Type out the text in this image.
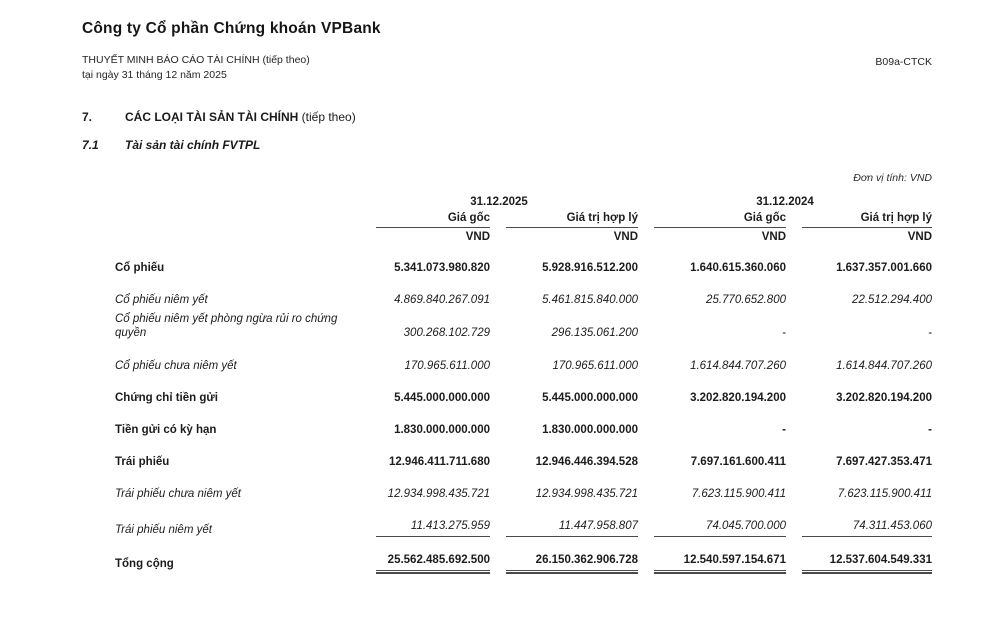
Công ty Cổ phần Chứng khoán VPBank
THUYẾT MINH BÁO CÁO TÀI CHÍNH (tiếp theo)
tại ngày 31 tháng 12 năm 2025
B09a-CTCK
7.	CÁC LOẠI TÀI SẢN TÀI CHÍNH (tiếp theo)
7.1	Tài sản tài chính FVTPL
Đơn vị tính: VND
	31.12.2025		31.12.2024	

	Giá gốc	Giá trị hợp lý	Giá gốc	Giá trị hợp lý

	VND	VND	VND	VND
Cổ phiếu	5.341.073.980.820	5.928.916.512.200	1.640.615.360.060	1.637.357.001.660
Cổ phiếu niêm yết	4.869.840.267.091	5.461.815.840.000	25.770.652.800	22.512.294.400
Cổ phiếu niêm yết phòng ngừa rủi ro chứng quyền	300.268.102.729	296.135.061.200	-	-
Cổ phiếu chưa niêm yết	170.965.611.000	170.965.611.000	1.614.844.707.260	1.614.844.707.260
Chứng chỉ tiền gửi	5.445.000.000.000	5.445.000.000.000	3.202.820.194.200	3.202.820.194.200
Tiền gửi có kỳ hạn	1.830.000.000.000	1.830.000.000.000	-	-
Trái phiếu	12.946.411.711.680	12.946.446.394.528	7.697.161.600.411	7.697.427.353.471
Trái phiếu chưa niêm yết	12.934.998.435.721	12.934.998.435.721	7.623.115.900.411	7.623.115.900.411
Trái phiếu niêm yết	11.413.275.959	11.447.958.807	74.045.700.000	74.311.453.060

Tổng cộng	25.562.485.692.500	26.150.362.906.728	12.540.597.154.671	12.537.604.549.331
